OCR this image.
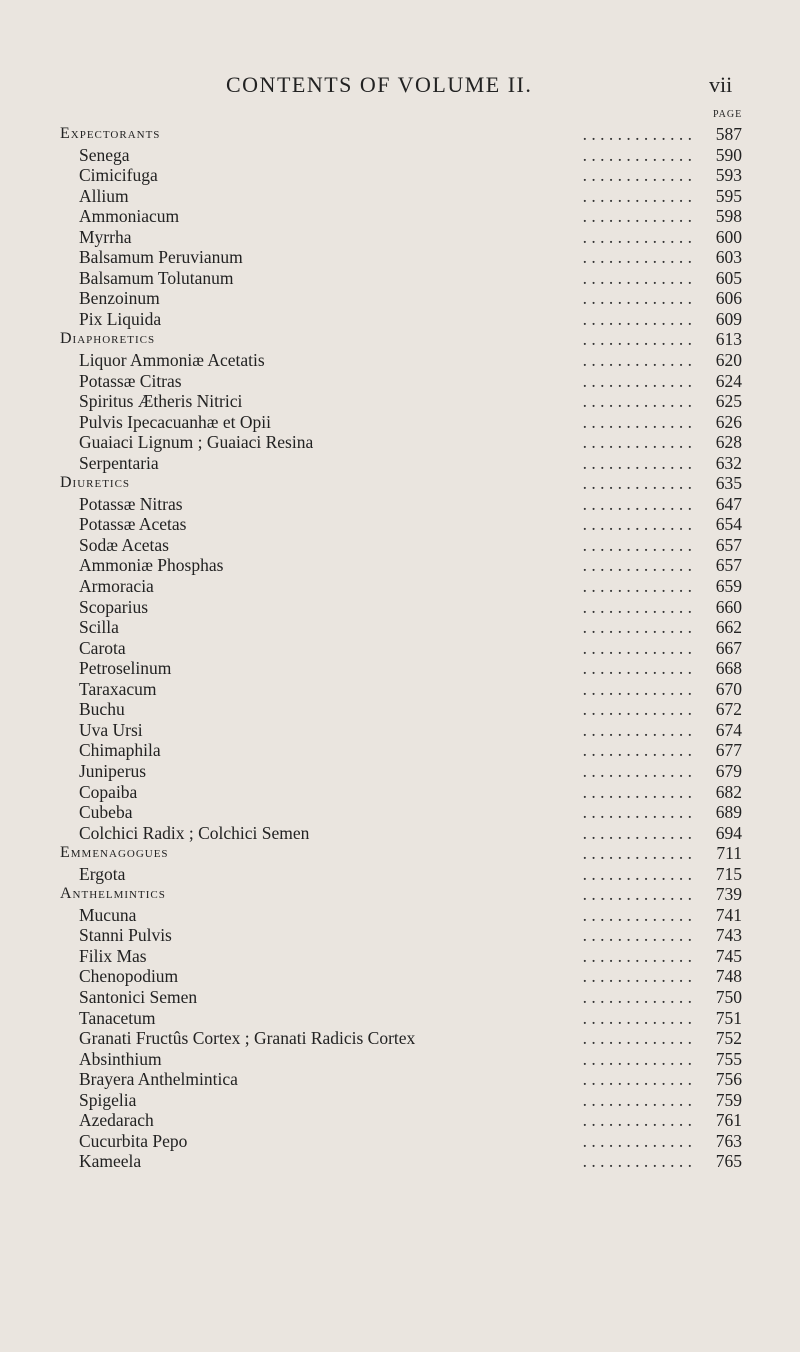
CONTENTS OF VOLUME II.	vii
PAGE
Expectorants	. . . . . . . . . . . . .	587
Senega	. . . . . . . . . . . . .	590
Cimicifuga	. . . . . . . . . . . . .	593
Allium	. . . . . . . . . . . . .	595
Ammoniacum	. . . . . . . . . . . . .	598
Myrrha	. . . . . . . . . . . . .	600
Balsamum Peruvianum	. . . . . . . . . . . . .	603
Balsamum Tolutanum	. . . . . . . . . . . . .	605
Benzoinum	. . . . . . . . . . . . .	606
Pix Liquida	. . . . . . . . . . . . .	609
Diaphoretics	. . . . . . . . . . . . .	613
Liquor Ammoniæ Acetatis	. . . . . . . . . . . . .	620
Potassæ Citras	. . . . . . . . . . . . .	624
Spiritus Ætheris Nitrici	. . . . . . . . . . . . .	625
Pulvis Ipecacuanhæ et Opii	. . . . . . . . . . . . .	626
Guaiaci Lignum ; Guaiaci Resina	. . . . . . . . . . . . .	628
Serpentaria	. . . . . . . . . . . . .	632
Diuretics	. . . . . . . . . . . . .	635
Potassæ Nitras	. . . . . . . . . . . . .	647
Potassæ Acetas	. . . . . . . . . . . . .	654
Sodæ Acetas	. . . . . . . . . . . . .	657
Ammoniæ Phosphas	. . . . . . . . . . . . .	657
Armoracia	. . . . . . . . . . . . .	659
Scoparius	. . . . . . . . . . . . .	660
Scilla	. . . . . . . . . . . . .	662
Carota	. . . . . . . . . . . . .	667
Petroselinum	. . . . . . . . . . . . .	668
Taraxacum	. . . . . . . . . . . . .	670
Buchu	. . . . . . . . . . . . .	672
Uva Ursi	. . . . . . . . . . . . .	674
Chimaphila	. . . . . . . . . . . . .	677
Juniperus	. . . . . . . . . . . . .	679
Copaiba	. . . . . . . . . . . . .	682
Cubeba	. . . . . . . . . . . . .	689
Colchici Radix ; Colchici Semen	. . . . . . . . . . . . .	694
Emmenagogues	. . . . . . . . . . . . .	711
Ergota	. . . . . . . . . . . . .	715
Anthelmintics	. . . . . . . . . . . . .	739
Mucuna	. . . . . . . . . . . . .	741
Stanni Pulvis	. . . . . . . . . . . . .	743
Filix Mas	. . . . . . . . . . . . .	745
Chenopodium	. . . . . . . . . . . . .	748
Santonici Semen	. . . . . . . . . . . . .	750
Tanacetum	. . . . . . . . . . . . .	751
Granati Fructûs Cortex ; Granati Radicis Cortex	. . . . . . . . . . . . .	752
Absinthium	. . . . . . . . . . . . .	755
Brayera Anthelmintica	. . . . . . . . . . . . .	756
Spigelia	. . . . . . . . . . . . .	759
Azedarach	. . . . . . . . . . . . .	761
Cucurbita Pepo	. . . . . . . . . . . . .	763
Kameela	. . . . . . . . . . . . .	765
